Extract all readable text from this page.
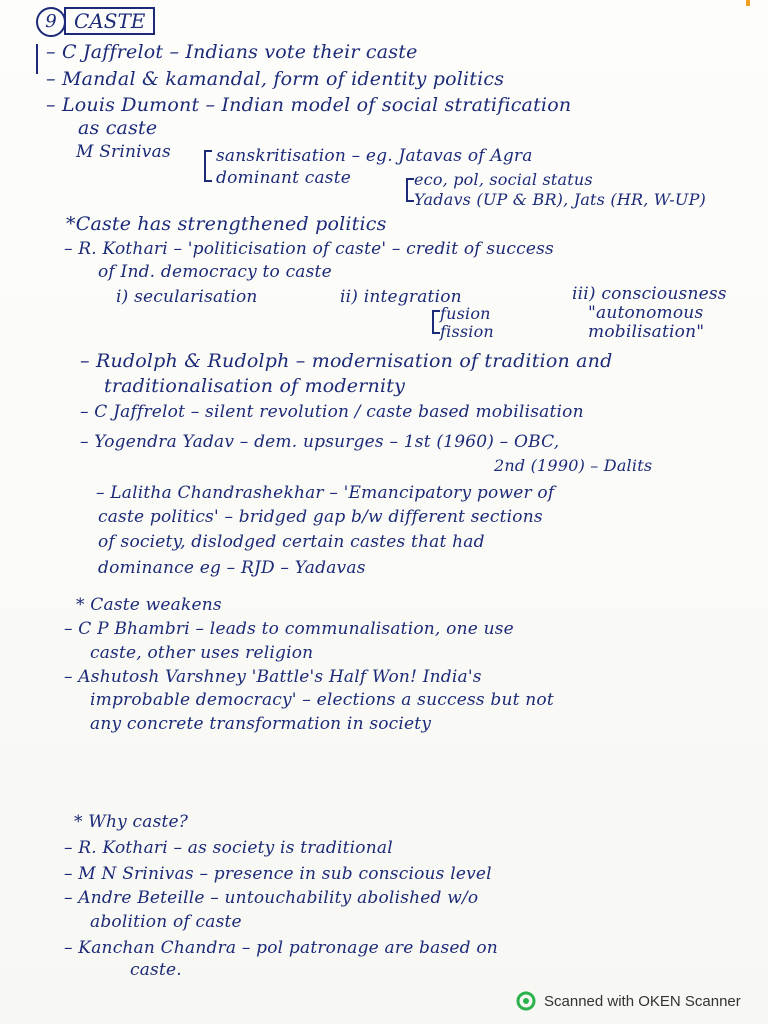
9 CASTE
– C Jaffrelot – Indians vote their caste
– Mandal & kamandal, form of identity politics
– Louis Dumont – Indian model of social stratification
as caste
M Srinivas	sanskritisation – eg. Jatavas of Agra
dominant caste	eco, pol, social status
Yadavs (UP & BR), Jats (HR, W-UP)
*Caste has strengthened politics
– R. Kothari – 'politicisation of caste' – credit of success
of Ind. democracy to caste
i) secularisation	ii) integration	iii) consciousness
fusion
fission
"autonomous
mobilisation"
– Rudolph & Rudolph – modernisation of tradition and
traditionalisation of modernity
– C Jaffrelot – silent revolution / caste based mobilisation
– Yogendra Yadav – dem. upsurges – 1st (1960) – OBC,
2nd (1990) – Dalits
– Lalitha Chandrashekhar – 'Emancipatory power of
caste politics' – bridged gap b/w different sections
of society, dislodged certain castes that had
dominance eg – RJD – Yadavas
* Caste weakens
– C P Bhambri – leads to communalisation, one use
caste, other uses religion
– Ashutosh Varshney 'Battle's Half Won! India's
improbable democracy' – elections a success but not
any concrete transformation in society
* Why caste?
– R. Kothari – as society is traditional
– M N Srinivas – presence in sub conscious level
– Andre Beteille – untouchability abolished w/o
abolition of caste
– Kanchan Chandra – pol patronage are based on
caste.
Scanned with OKEN Scanner
